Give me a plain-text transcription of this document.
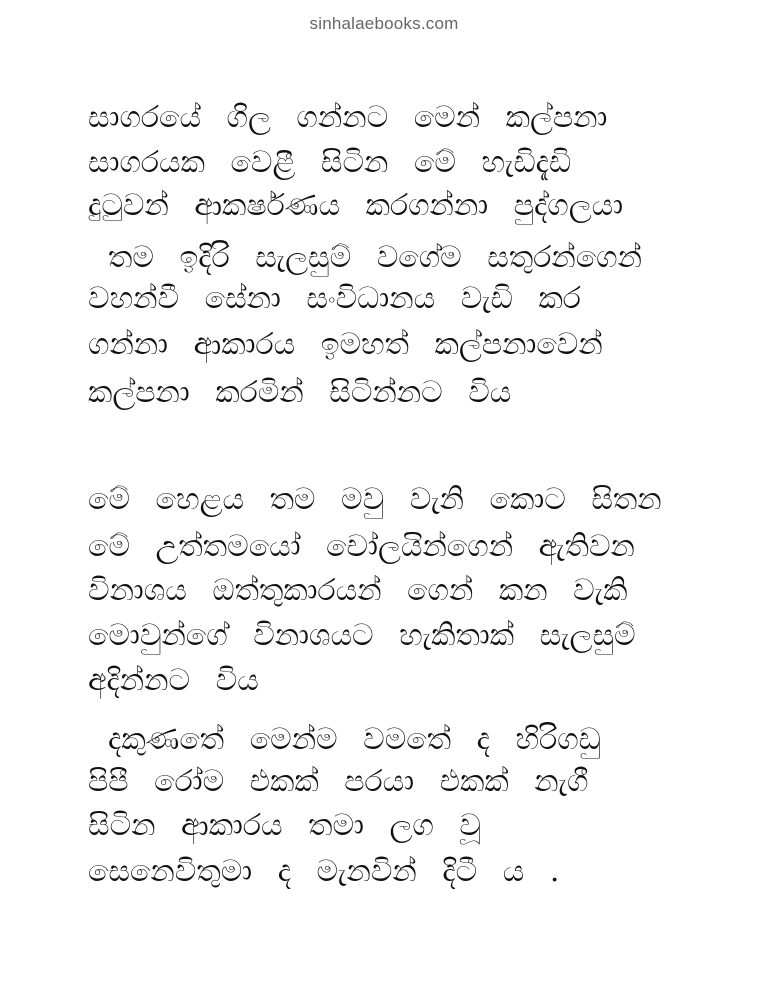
sinhalaebooks.com
සාගරයේ ගිල ගන්නට මෙන් කල්පනා
සාගරයක වෙළී සිටින මේ හැඩිදැඩි
දුටුවන් ආකර්ෂණය කරගන්නා පුද්ගලයා
තම ඉදිරි සැලසුම් වගේම සතුරන්ගෙන්
වහන්වී සේනා සංවිධානය වැඩි කර
ගන්නා ආකාරය ඉමහත් කල්පනාවෙන්
කල්පනා කරමින් සිටින්නට විය
මේ හෙළය තම මවු වැනි කොට සිතන
මේ උත්තමයෝ චෝලයින්ගෙන් ඇතිවන
විනාශය ඔත්තුකාරයන් ගෙන් කන වැකි
මොවුන්ගේ විනාශයට හැකිතාක් සැලසුම්
අදින්නට විය
දකුණතේ මෙන්ම වමතේ ද හිරිගඩු
පිපී රෝම එකක් පරයා එකක් නැගී
සිටින ආකාරය තමා ලග වූ
සෙනෙවිතුමා ද මැනවින් දිටී ය .
